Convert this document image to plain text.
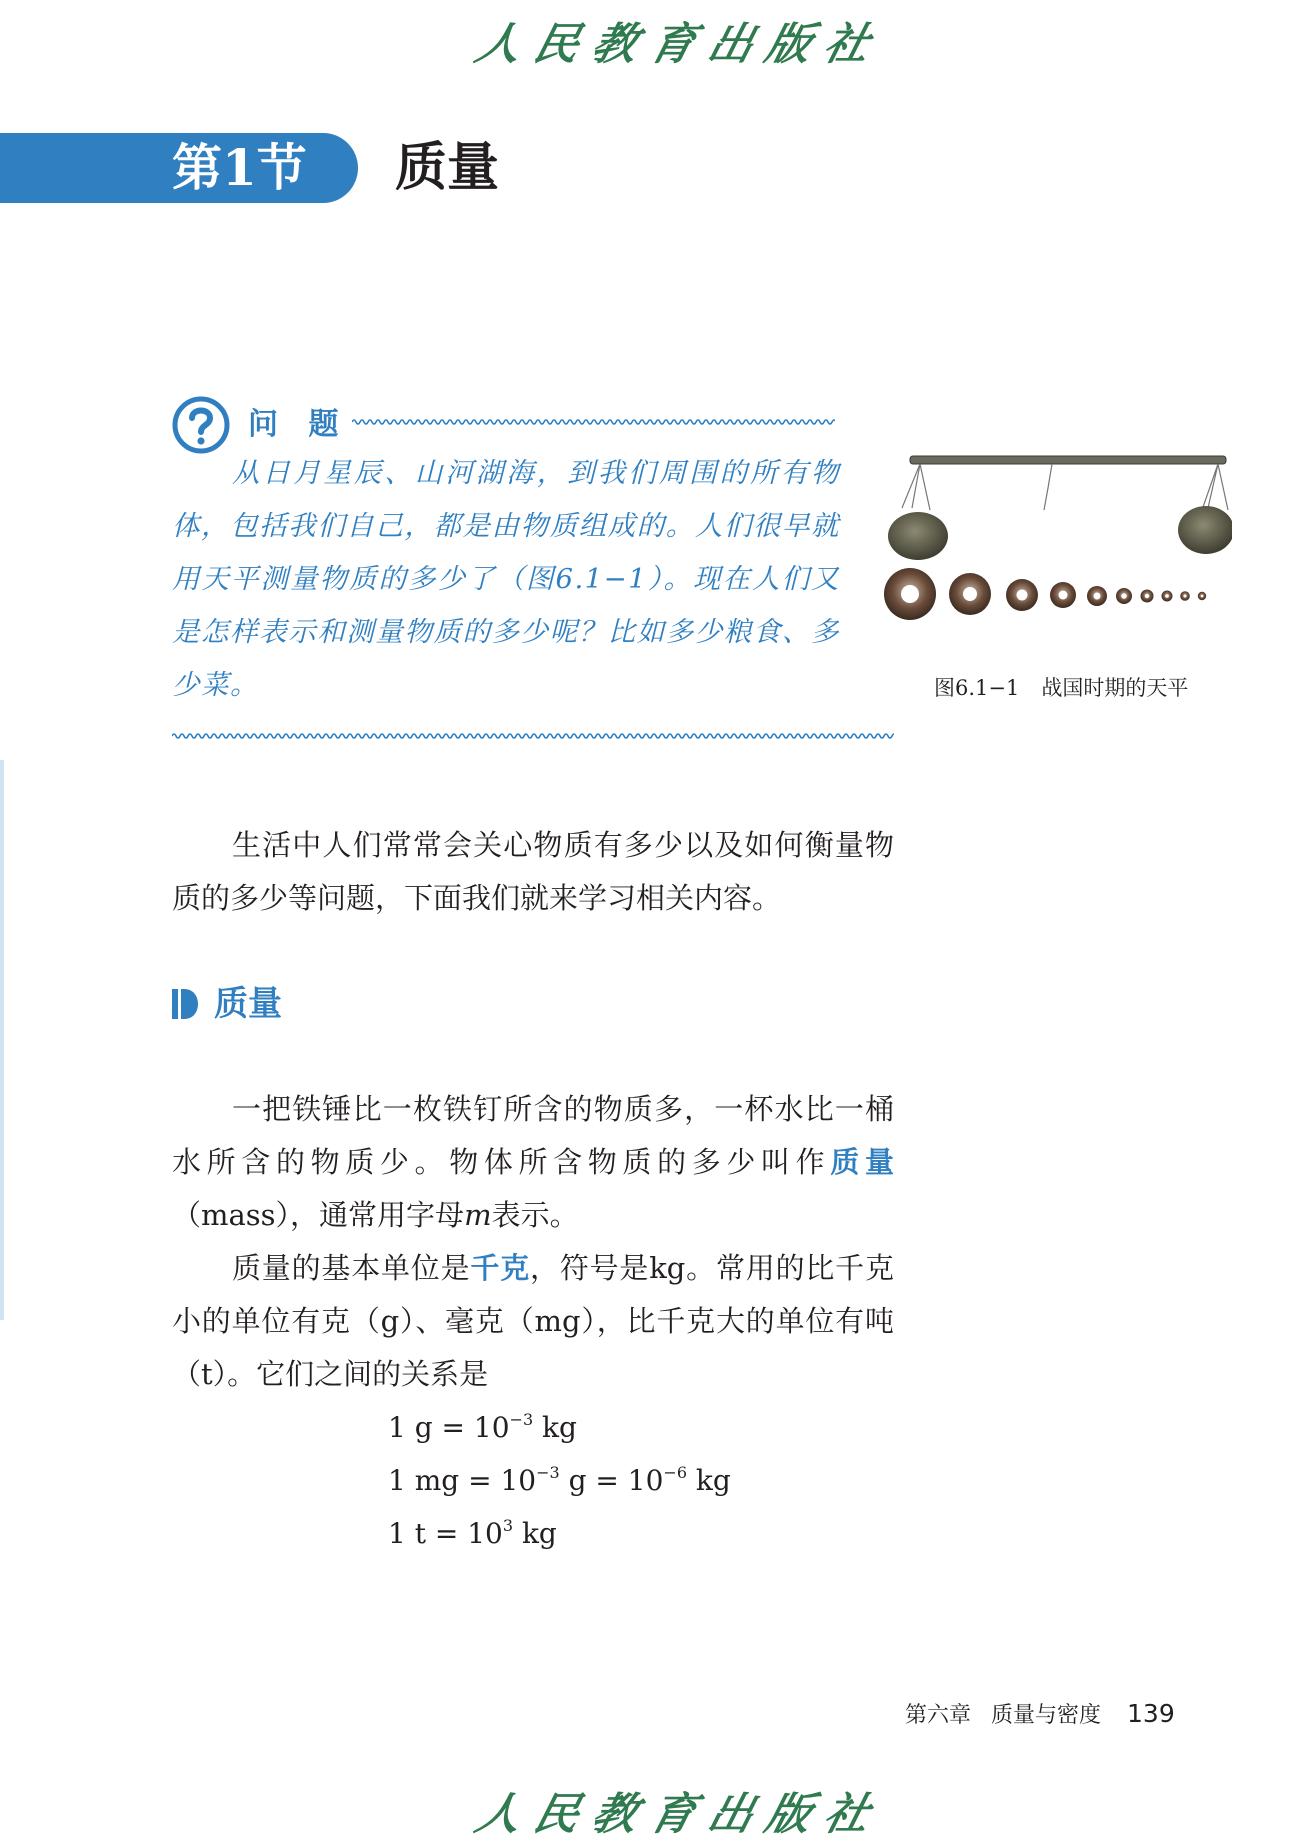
人民教育出版社
第1节 质量
问 题

从日月星辰、山河湖海，到我们周围的所有物体，包括我们自己，都是由物质组成的。人们很早就用天平测量物质的多少了（图6.1−1）。现在人们又是怎样表示和测量物质的多少呢？比如多少粮食、多少菜。	图6.1−1 战国时期的天平

生活中人们常常会关心物质有多少以及如何衡量物质的多少等问题，下面我们就来学习相关内容。

质量

一把铁锤比一枚铁钉所含的物质多，一杯水比一桶水所含的物质少。物体所含物质的多少叫作质量（mass），通常用字母m表示。

质量的基本单位是千克，符号是kg。常用的比千克小的单位有克（g）、毫克（mg），比千克大的单位有吨（t）。它们之间的关系是

1 $g = 10^{-3}$ kg
1 mg = $10^{-3}$ $g = 10^{-6}$ kg
1 $t = 10^3$ kg
第六章 质量与密度 139
人民教育出版社
